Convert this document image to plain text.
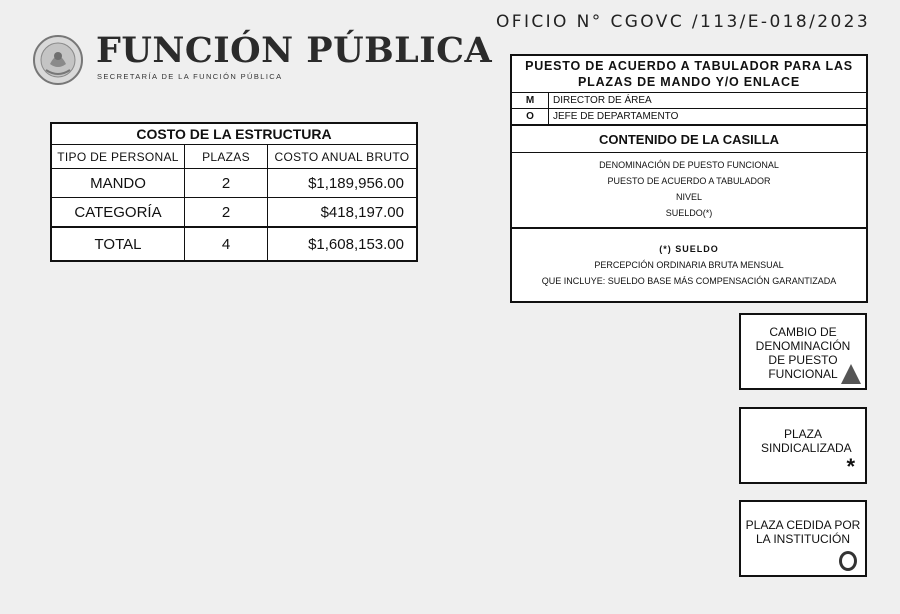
FUNCIÓN PÚBLICA
SECRETARÍA DE LA FUNCIÓN PÚBLICA
OFICIO N° CGOVC /113/E-018/2023
COSTO DE LA ESTRUCTURA		
TIPO DE PERSONAL	PLAZAS	COSTO ANUAL BRUTO
MANDO	2	$1,189,956.00
CATEGORÍA	2	$418,197.00
TOTAL	4	$1,608,153.00
PUESTO DE ACUERDO A TABULADOR PARA LAS PLAZAS DE MANDO Y/O ENLACE	
M	DIRECTOR DE ÁREA
O	JEFE DE DEPARTAMENTO
CONTENIDO DE LA CASILLA	

DENOMINACIÓN DE PUESTO FUNCIONAL
PUESTO DE ACUERDO A TABULADOR
NIVEL
SUELDO(*)	

(*) SUELDO
PERCEPCIÓN ORDINARIA BRUTA MENSUAL
QUE INCLUYE: SUELDO BASE MÁS COMPENSACIÓN GARANTIZADA	
CAMBIO DE DENOMINACIÓN DE PUESTO FUNCIONAL
PLAZA SINDICALIZADA
*
PLAZA CEDIDA POR LA INSTITUCIÓN
